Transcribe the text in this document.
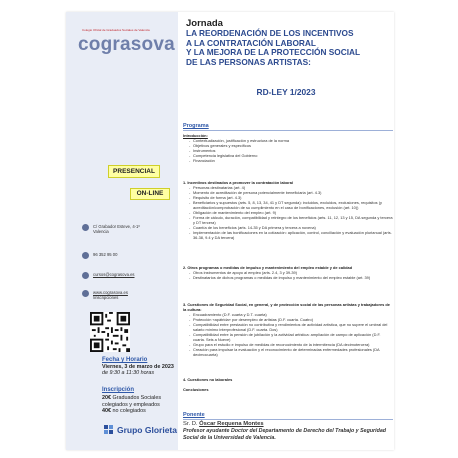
Colegio Oficial de Graduados Sociales de Valencia
cograsova
PRESENCIAL
ON-LINE
C/ Grabador Esteve, 4-1º
Valencia
96 352 95 00
cursos@cograsova.es
www.cograsova.es
/inscripciones
Fecha y Horario
Viernes, 3 de marzo de 2023
de 9:30 a 11:30 horas
Inscripción
20€ Graduados Sociales
colegiados y empleados
40€ no colegiados
Grupo Glorieta
Jornada
LA REORDENACIÓN DE LOS INCENTIVOS
A LA CONTRATACIÓN LABORAL
Y LA MEJORA DE LA PROTECCIÓN SOCIAL
DE LAS PERSONAS ARTISTAS:
RD-LEY 1/2023
Programa
Introducción:
- Contextualización, justificación y estructura de la norma
- Objetivos generales y específicos
- Instrumentos
- Competencia legislativa del Gobierno
- Financiación
1. Incentivos destinados a promover la contratación laboral
- Personas destinatarias (art. 4)
- Momento de acreditación de persona potencialmente beneficiaria (art. 4.3)
- Requisito de forma (art. 4.3)
- Beneficiarios y supuestos (arts. 5, 8, 13, 34, 41 y DT segunda): incluidos, excluidos, exclusiones, requisitos (y acreditación/comprobación de su cumplimiento en el caso de bonificaciones, exclusión (art. 10))
- Obligación de mantenimiento del empleo (art. 9)
- Forma de cálculo, duración, compatibilidad y reintegro de los beneficios (arts. 11, 12, 13 y 15, DA segunda y tercera y DT tercera)
- Cuantía de los beneficios (arts. 14-35 y DA primera y tercera a novena)
- Implementación de las bonificaciones en la cotización: aplicación, control, conciliación y evaluación plurianual (arts. 36-38, 9.4 y DA tercera)
2. Otros programas o medidas de impulso y mantenimiento del empleo estable y de calidad
- Otros instrumentos de apoyo al empleo (arts. 2.4, 3 y 39-39)
- Destinatarios de dichos programas o medidas de impulso y mantenimiento del empleo estable (art. 39)
3. Cuestiones de Seguridad Social, en general, y de protección social de las personas artistas y trabajadores de la cultura:
- Encuadramiento (D.F. cuarta y D.T. cuarta)
- Protección «apátrida» por desempleo de artistas (D.F. cuarta. Cuatro)
- Compatibilidad entre prestación no contributiva y rendimientos de actividad artística, que no supere el umbral del salario mínimo interprofesional (D.F. cuarta. Dos)
- Compatibilidad entre la pensión de jubilación y la actividad artística: ampliación de campo de aplicación (D.F. cuarta. Seis a Nueve)
- Grupo para el estudio e impulso de medidas de reconocimiento de la intermitencia (DA decimotercera)
- Creación para impulsar la evaluación y el reconocimiento de determinadas enfermedades profesionales (DA decimocuarta)
4. Cuestiones no laborales
Conclusiones
Ponente
Sr. D. Óscar Requena Montes
Profesor ayudante Doctor del Departamento de Derecho del Trabajo y Seguridad Social de la Universidad de Valencia.
